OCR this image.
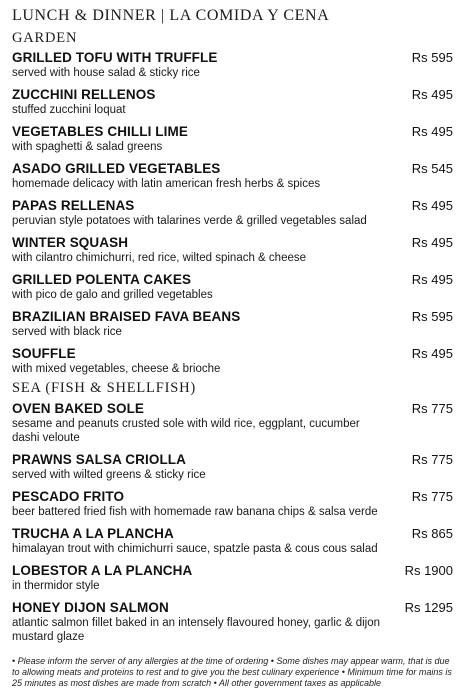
LUNCH & DINNER | LA COMIDA Y CENA
GARDEN
GRILLED TOFU WITH TRUFFLE
served with house salad & sticky rice
Rs 595
ZUCCHINI RELLENOS
stuffed zucchini loquat
Rs 495
VEGETABLES CHILLI LIME
with spaghetti & salad greens
Rs 495
ASADO GRILLED VEGETABLES
homemade delicacy with latin american fresh herbs & spices
Rs 545
PAPAS RELLENAS
peruvian style potatoes with talarines verde & grilled vegetables salad
Rs 495
WINTER SQUASH
with cilantro chimichurri, red rice, wilted spinach & cheese
Rs 495
GRILLED POLENTA CAKES
with pico de galo and grilled vegetables
Rs 495
BRAZILIAN BRAISED FAVA BEANS
served with black rice
Rs 595
SOUFFLE
with mixed vegetables, cheese & brioche
Rs 495
SEA (FISH & SHELLFISH)
OVEN BAKED SOLE
sesame and peanuts crusted sole with wild rice, eggplant, cucumber dashi veloute
Rs 775
PRAWNS SALSA CRIOLLA
served with wilted greens & sticky rice
Rs 775
PESCADO FRITO
beer battered fried fish with homemade raw banana chips & salsa verde
Rs 775
TRUCHA A LA PLANCHA
himalayan trout with chimichurri sauce, spatzle pasta & cous cous salad
Rs 865
LOBESTOR A LA PLANCHA
in thermidor style
Rs 1900
HONEY DIJON SALMON
atlantic salmon fillet baked in an intensely flavoured honey, garlic & dijon mustard glaze
Rs 1295
• Please inform the server of any allergies at the time of ordering • Some dishes may appear warm, that is due to allowing meats and proteins to rest and to give you the best culinary experience • Minimum time for mains is 25 minutes as most dishes are made from scratch • All other government taxes as applicable
